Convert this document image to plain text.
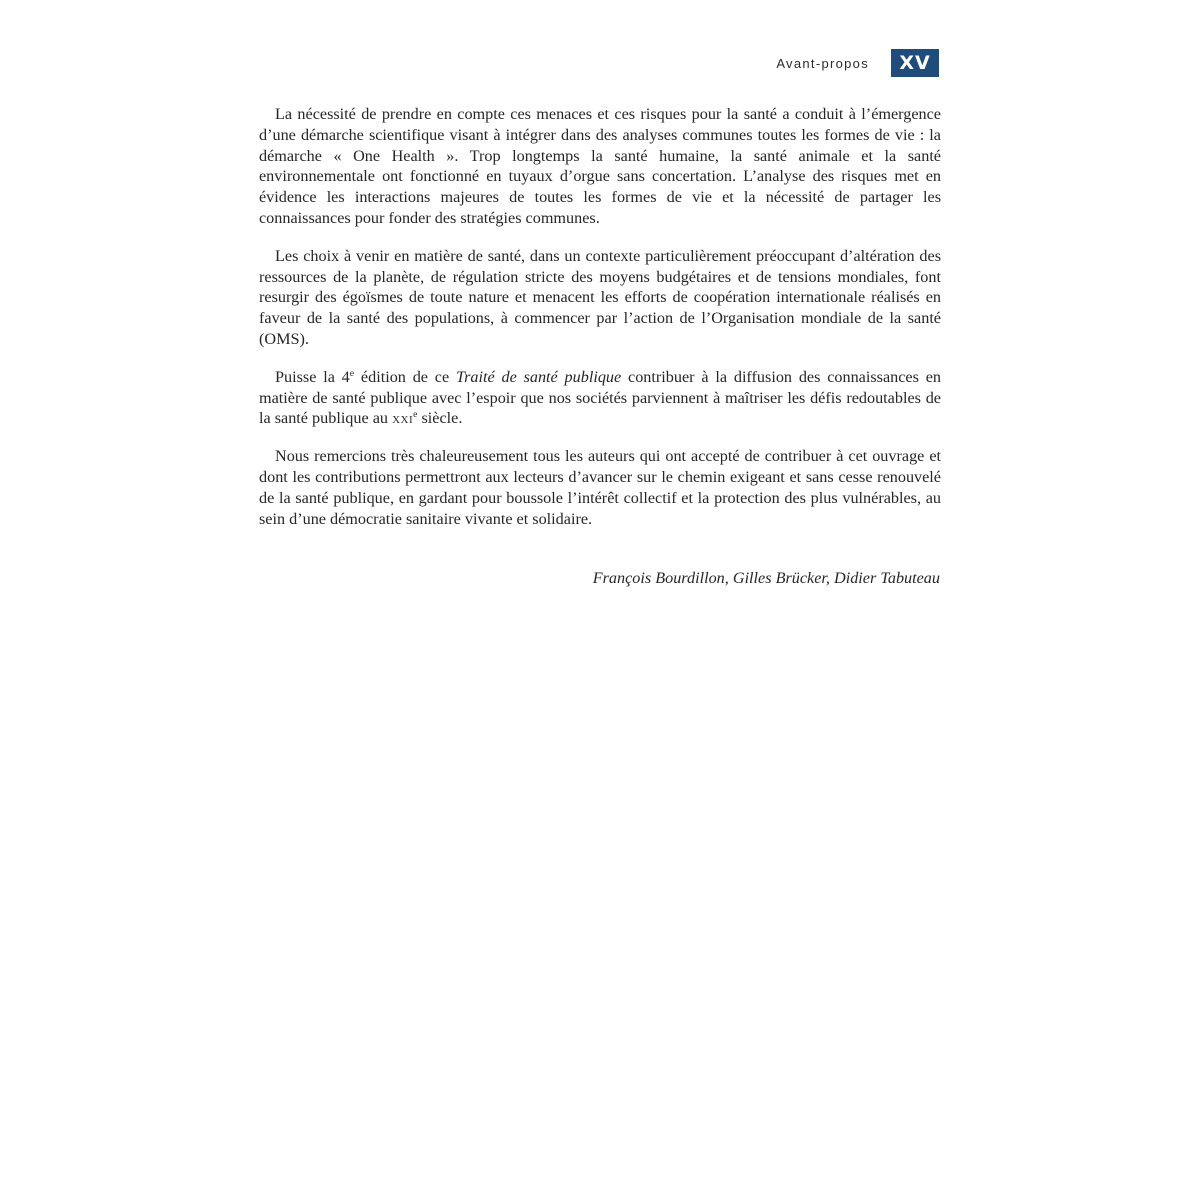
Avant-propos	XV

La nécessité de prendre en compte ces menaces et ces risques pour la santé a conduit à l’émergence d’une démarche scientifique visant à intégrer dans des analyses communes toutes les formes de vie : la démarche « One Health ». Trop longtemps la santé humaine, la santé animale et la santé environnementale ont fonctionné en tuyaux d’orgue sans concertation. L’analyse des risques met en évidence les interactions majeures de toutes les formes de vie et la nécessité de partager les connaissances pour fonder des stratégies communes.

Les choix à venir en matière de santé, dans un contexte particulièrement préoccupant d’altération des ressources de la planète, de régulation stricte des moyens budgétaires et de tensions mondiales, font resurgir des égoïsmes de toute nature et menacent les efforts de coopération internationale réalisés en faveur de la santé des populations, à commencer par l’action de l’Organisation mondiale de la santé (OMS).

Puisse la 4e édition de ce Traité de santé publique contribuer à la diffusion des connaissances en matière de santé publique avec l’espoir que nos sociétés parviennent à maîtriser les défis redoutables de la santé publique au xxi$^e$ siècle.

Nous remercions très chaleureusement tous les auteurs qui ont accepté de contribuer à cet ouvrage et dont les contributions permettront aux lecteurs d’avancer sur le chemin exigeant et sans cesse renouvelé de la santé publique, en gardant pour boussole l’intérêt collectif et la protection des plus vulnérables, au sein d’une démocratie sanitaire vivante et solidaire.

François Bourdillon, Gilles Brücker, Didier Tabuteau
